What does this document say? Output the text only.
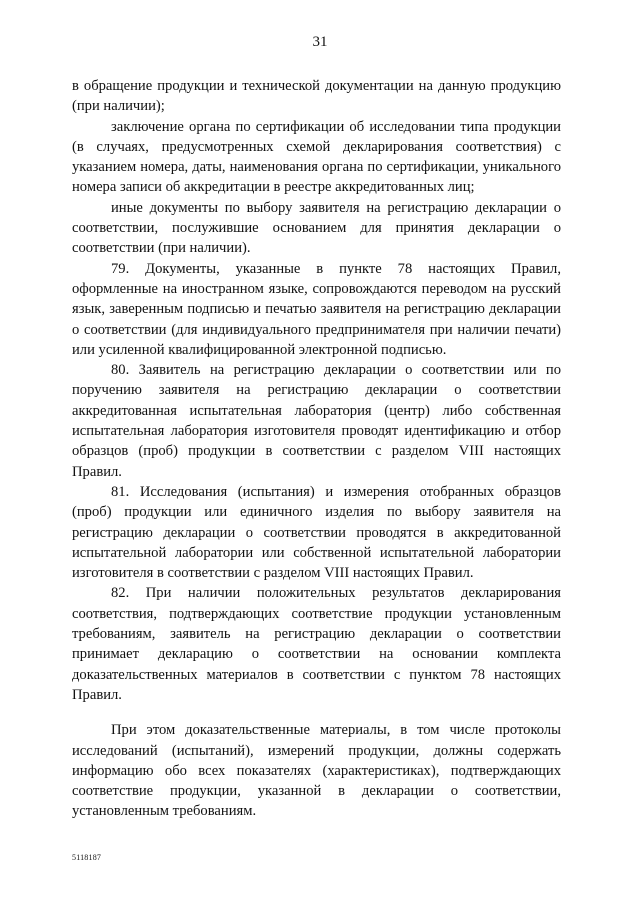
31

в обращение продукции и технической документации на данную продукцию (при наличии);

заключение органа по сертификации об исследовании типа продукции (в случаях, предусмотренных схемой декларирования соответствия) с указанием номера, даты, наименования органа по сертификации, уникального номера записи об аккредитации в реестре аккредитованных лиц;

иные документы по выбору заявителя на регистрацию декларации о соответствии, послужившие основанием для принятия декларации о соответствии (при наличии).

79. Документы, указанные в пункте 78 настоящих Правил, оформленные на иностранном языке, сопровождаются переводом на русский язык, заверенным подписью и печатью заявителя на регистрацию декларации о соответствии (для индивидуального предпринимателя при наличии печати) или усиленной квалифицированной электронной подписью.

80. Заявитель на регистрацию декларации о соответствии или по поручению заявителя на регистрацию декларации о соответствии аккредитованная испытательная лаборатория (центр) либо собственная испытательная лаборатория изготовителя проводят идентификацию и отбор образцов (проб) продукции в соответствии с разделом VIII настоящих Правил.

81. Исследования (испытания) и измерения отобранных образцов (проб) продукции или единичного изделия по выбору заявителя на регистрацию декларации о соответствии проводятся в аккредитованной испытательной лаборатории или собственной испытательной лаборатории изготовителя в соответствии с разделом VIII настоящих Правил.

82. При наличии положительных результатов декларирования соответствия, подтверждающих соответствие продукции установленным требованиям, заявитель на регистрацию декларации о соответствии принимает декларацию о соответствии на основании комплекта доказательственных материалов в соответствии с пунктом 78 настоящих Правил.

При этом доказательственные материалы, в том числе протоколы исследований (испытаний), измерений продукции, должны содержать информацию обо всех показателях (характеристиках), подтверждающих соответствие продукции, указанной в декларации о соответствии, установленным требованиям.

5118187
